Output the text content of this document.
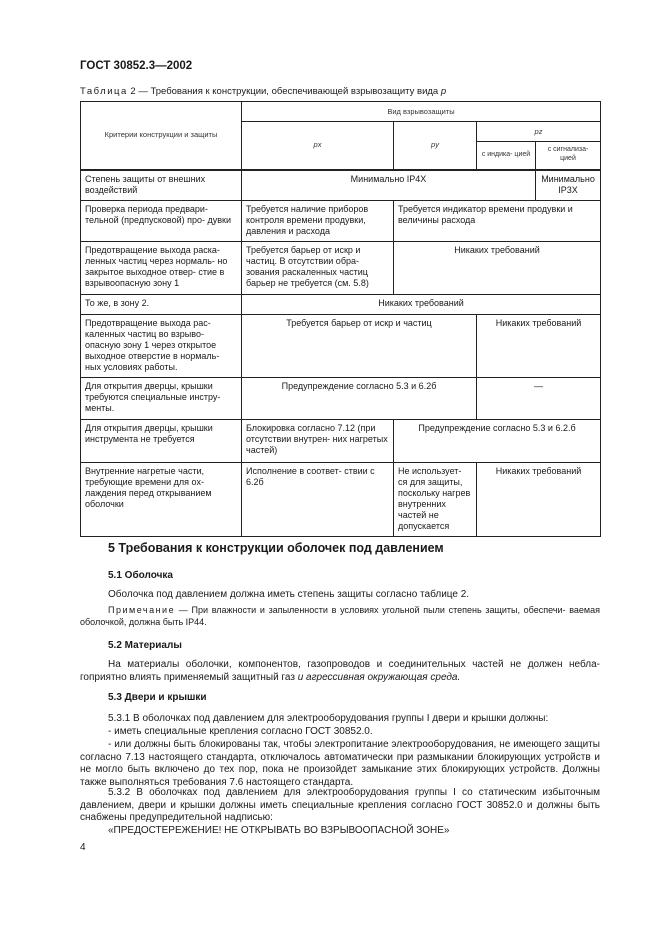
ГОСТ 30852.3—2002
Таблица 2 — Требования к конструкции, обеспечивающей взрывозащиту вида р
Критерии конструкции и защиты	Вид взрывозащиты			
	px	py	pz	
			с индика- цией	с сигнализа- цией
Степень защиты от внешних воздействий	Минимально IP4X			Минимально IP3X
Проверка периода предвари- тельной (предпусковой) про- дувки	Требуется наличие приборов контроля времени продувки, давления и расхода	Требуется индикатор времени продувки и величины расхода		
Предотвращение выхода раска- ленных частиц через нормаль- но закрытое выходное отвер- стие в взрывоопасную зону 1	Требуется барьер от искр и частиц. В отсутствии обра- зования раскаленных частиц барьер не требуется (см. 5.8)	Никаких требований		
То же, в зону 2.	Никаких требований			
Предотвращение выхода рас- каленных частиц во взрыво- опасную зону 1 через открытое выходное отверстие в нормаль- ных условиях работы.	Требуется барьер от искр и частиц		Никаких требований	
Для открытия дверцы, крышки требуются специальные инстру- менты.	Предупреждение согласно 5.3 и 6.2б		—	
Для открытия дверцы, крышки инструмента не требуется	Блокировка согласно 7.12 (при отсутствии внутрен- них нагретых частей)	Предупреждение согласно 5.3 и 6.2.б		
Внутренние нагретые части, требующие времени для ох- лаждения перед открыванием оболочки	Исполнение в соответ- ствии с 6.2б	Не использует- ся для защиты, поскольку нагрев внутренних частей не допускается	Никаких требований	
5 Требования к конструкции оболочек под давлением
5.1 Оболочка
Оболочка под давлением должна иметь степень защиты согласно таблице 2.
Примечание — При влажности и запыленности в условиях угольной пыли степень защиты, обеспечи- ваемая оболочкой, должна быть IP44.
5.2 Материалы
На материалы оболочки, компонентов, газопроводов и соединительных частей не должен небла- гоприятно влиять применяемый защитный газ и агрессивная окружающая среда.
5.3 Двери и крышки
5.3.1 В оболочках под давлением для электрооборудования группы I двери и крышки должны:
- иметь специальные крепления согласно ГОСТ 30852.0.
- или должны быть блокированы так, чтобы электропитание электрооборудования, не имеющего защиты согласно 7.13 настоящего стандарта, отключалось автоматически при размыкании блокирующих устройств и не могло быть включено до тех пор, пока не произойдет замыкание этих блокирующих устройств. Должны также выполняться требования 7.6 настоящего стандарта.
5.3.2 В оболочках под давлением для электрооборудования группы I со статическим избыточным давлением, двери и крышки должны иметь специальные крепления согласно ГОСТ 30852.0 и должны быть снабжены предупредительной надписью:
«ПРЕДОСТЕРЕЖЕНИЕ! НЕ ОТКРЫВАТЬ ВО ВЗРЫВООПАСНОЙ ЗОНЕ»
4
